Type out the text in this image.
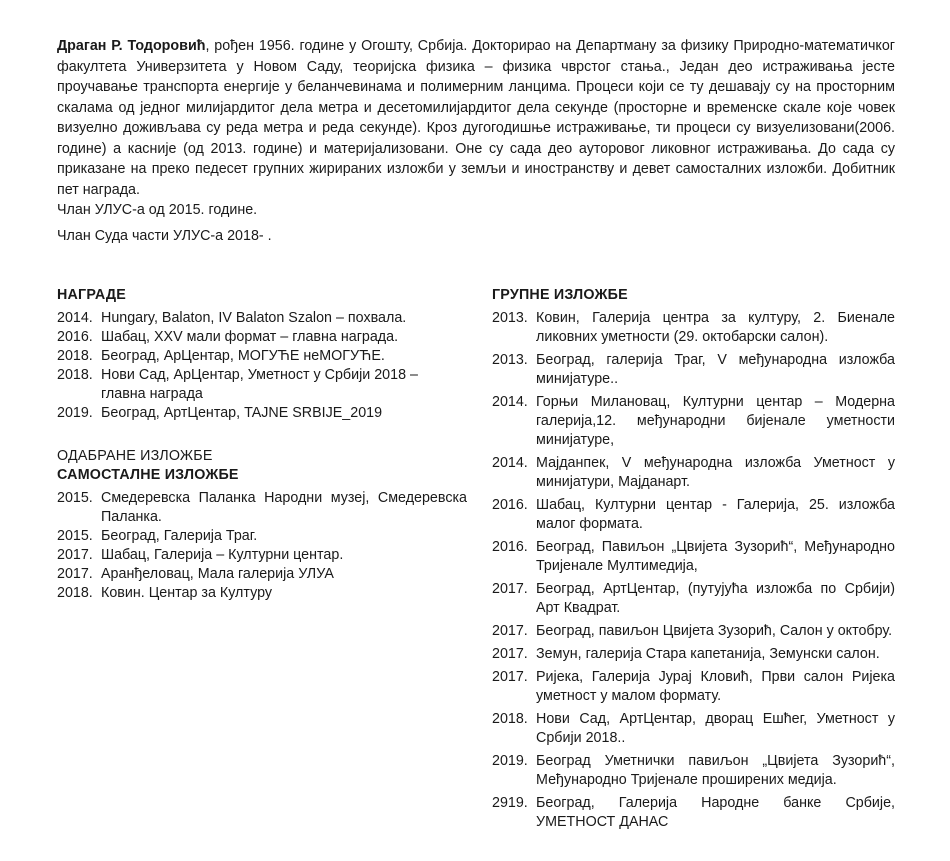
Драган Р. Тодоровић, рођен 1956. године у Огошту, Србија. Докторирао на Департману за физику Природно-математичког факултета Универзитета у Новом Саду, теоријска физика – физика чврстог стања., Један део истраживања јесте проучавање транспорта енергије у беланчевинама и полимерним ланцима. Процеси који се ту дешавају су на просторним скалама од једног милијардитог дела метра и десетомилијардитог дела секунде (просторне и временске скале које човек визуелно доживљава су реда метра и реда секунде). Кроз дугогодишње истраживање, ти процеси су визуелизовани(2006. године) а касније (од 2013. године) и материјализовани. Оне су сада део ауторовог ликовног истраживања. До сада су приказане на преко педесет групних жирираних изложби у земљи и иностранству и девет самосталних изложби. Добитник пет награда.
Члан УЛУС-а од 2015. године.
Члан Суда части УЛУС-а 2018- .
НАГРАДЕ
2014. Hungary, Balaton, IV Balaton Szalon – похвала.
2016. Шабац, XXV мали формат – главна награда.
2018. Београд, АрЦентар, МОГУЋЕ неМОГУЋЕ.
2018. Нови Сад, АрЦентар, Уметност у Србији 2018 – главна награда
2019. Београд, АртЦентар, TAJNE SRBIJE_2019
ОДАБРАНЕ ИЗЛОЖБЕ
САМОСТАЛНЕ ИЗЛОЖБЕ
2015. Смедеревска Паланка Народни музеј, Смедеревска Паланка.
2015. Београд, Галерија Траг.
2017. Шабац, Галерија – Културни центар.
2017. Аранђеловац, Мала галерија УЛУА
2018. Ковин. Центар за Културу
ГРУПНЕ ИЗЛОЖБЕ
2013. Ковин, Галерија центра за културу, 2. Биенале ликовних уметности (29. октобарски салон).
2013. Београд, галерија Траг, V међународна изложба минијатуре..
2014. Горњи Милановац, Културни центар – Модерна галерија,12. међународни бијенале уметности минијатуре,
2014. Мајданпек, V међународна изложба Уметност у минијатури, Мајданарт.
2016. Шабац, Културни центар - Галерија, 25. изложба малог формата.
2016. Београд, Павиљон „Цвијета Зузорић“, Међународно Тријенале Мултимедија,
2017. Београд, АртЦентар, (путујућа изложба по Србији) Арт Квадрат.
2017. Београд, павиљон Цвијета Зузорић, Салон у октобру.
2017. Земун, галерија Стара капетанија, Земунски салон.
2017. Ријека, Галерија Јурај Кловић, Први салон Ријека уметност у малом формату.
2018. Нови Сад, АртЦентар, дворац Ешћег, Уметност у Србији 2018..
2019. Београд Уметнички павиљон „Цвијета Зузорић“, Међународно Тријенале проширених медија.
2919. Београд, Галерија Народне банке Србије, УМЕТНОСТ ДАНАС
